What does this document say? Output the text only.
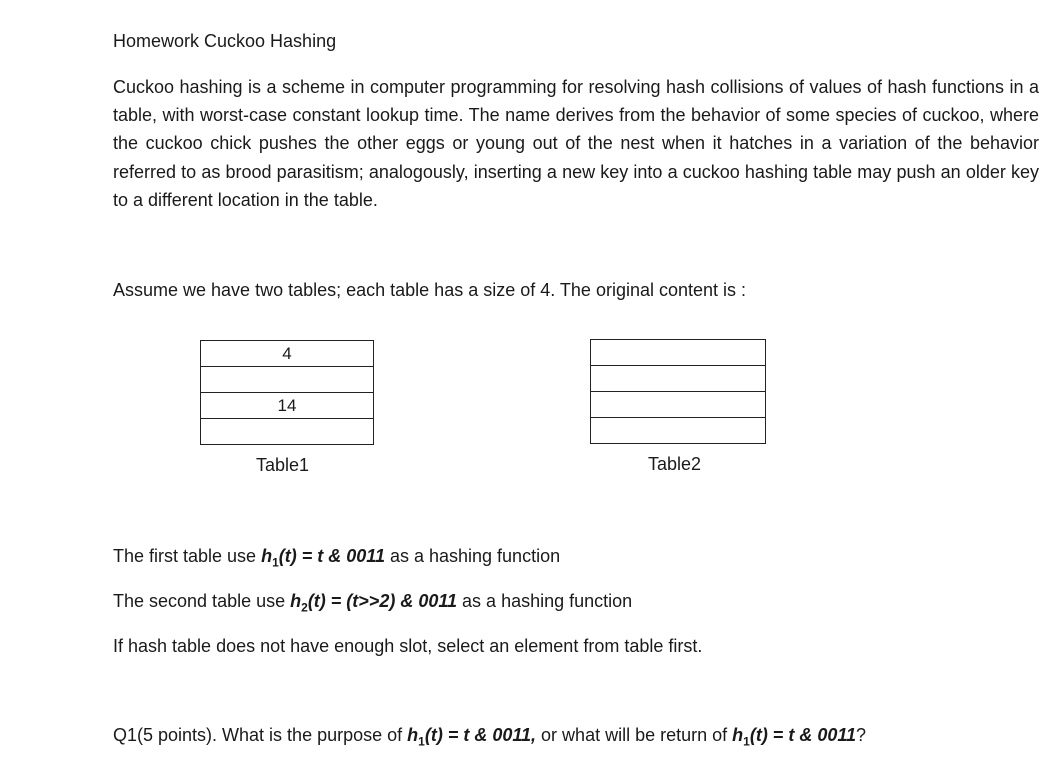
Homework Cuckoo Hashing
Cuckoo hashing is a scheme in computer programming for resolving hash collisions of values of hash functions in a table, with worst-case constant lookup time. The name derives from the behavior of some species of cuckoo, where the cuckoo chick pushes the other eggs or young out of the nest when it hatches in a variation of the behavior referred to as brood parasitism; analogously, inserting a new key into a cuckoo hashing table may push an older key to a different location in the table.
Assume we have two tables; each table has a size of 4. The original content is :
4

14

Table1	Table2
The first table use $h_1(t) = t$ & 0011 as a hashing function
The second table use $h_2(t) = (t>>2)$ & 0011 as a hashing function
If hash table does not have enough slot, select an element from table first.
Q1(5 points). What is the purpose of $h_1(t) = t$ & 0011, or what will be return of $h_1(t) = t$ & 0011?
